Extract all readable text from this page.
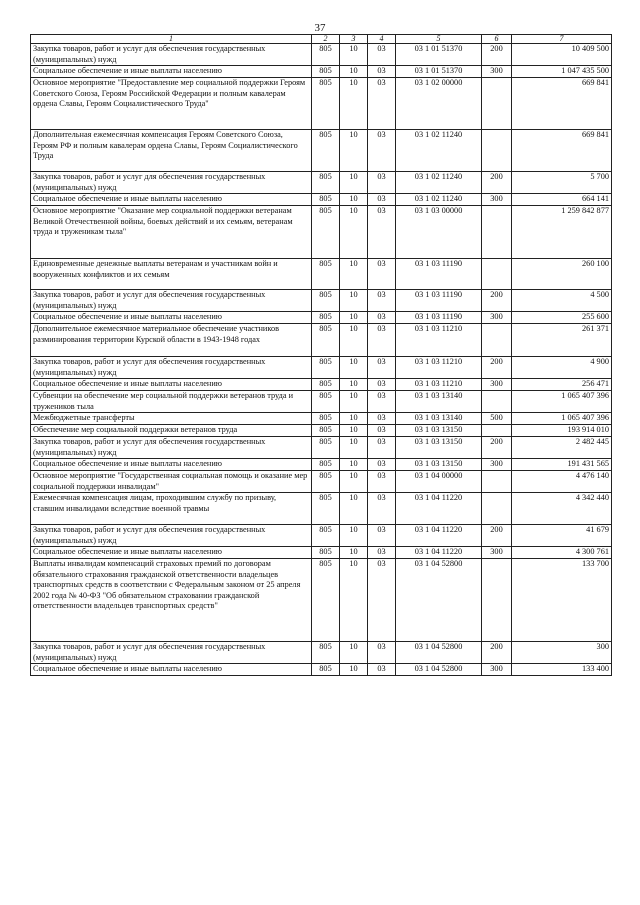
37
1	2	3	4	5	6	7
Закупка товаров, работ и услуг для обеспечения государственных (муниципальных) нужд	805	10	03	03 1 01 51370	200	10 409 500
Социальное обеспечение и иные выплаты населению	805	10	03	03 1 01 51370	300	1 047 435 500
Основное мероприятие "Предоставление мер социальной поддержки Героям Советского Союза, Героям Российской Федерации и полным кавалерам ордена Славы, Героям Социалистического Труда"	805	10	03	03 1 02 00000		669 841
Дополнительная ежемесячная компенсация Героям Советского Союза, Героям РФ и полным кавалерам ордена Славы, Героям Социалистического Труда	805	10	03	03 1 02 11240		669 841
Закупка товаров, работ и услуг для обеспечения государственных (муниципальных) нужд	805	10	03	03 1 02 11240	200	5 700
Социальное обеспечение и иные выплаты населению	805	10	03	03 1 02 11240	300	664 141
Основное мероприятие "Оказание мер социальной поддержки ветеранам Великой Отечественной войны, боевых действий и их семьям, ветеранам труда и труженикам тыла"	805	10	03	03 1 03 00000		1 259 842 877
Единовременные денежные выплаты ветеранам и участникам войн и вооруженных конфликтов и их семьям	805	10	03	03 1 03 11190		260 100
Закупка товаров, работ и услуг для обеспечения государственных (муниципальных) нужд	805	10	03	03 1 03 11190	200	4 500
Социальное обеспечение и иные выплаты населению	805	10	03	03 1 03 11190	300	255 600
Дополнительное ежемесячное материальное обеспечение участников разминирования территории Курской области в 1943-1948 годах	805	10	03	03 1 03 11210		261 371
Закупка товаров, работ и услуг для обеспечения государственных (муниципальных) нужд	805	10	03	03 1 03 11210	200	4 900
Социальное обеспечение и иные выплаты населению	805	10	03	03 1 03 11210	300	256 471
Субвенции на обеспечение мер социальной поддержки ветеранов труда и тружеников тыла	805	10	03	03 1 03 13140		1 065 407 396
Межбюджетные трансферты	805	10	03	03 1 03 13140	500	1 065 407 396
Обеспечение мер социальной поддержки ветеранов труда	805	10	03	03 1 03 13150		193 914 010
Закупка товаров, работ и услуг для обеспечения государственных (муниципальных) нужд	805	10	03	03 1 03 13150	200	2 482 445
Социальное обеспечение и иные выплаты населению	805	10	03	03 1 03 13150	300	191 431 565
Основное мероприятие "Государственная социальная помощь и оказание мер социальной поддержки инвалидам"	805	10	03	03 1 04 00000		4 476 140
Ежемесячная компенсация лицам, проходившим службу по призыву, ставшим инвалидами вследствие военной травмы	805	10	03	03 1 04 11220		4 342 440
Закупка товаров, работ и услуг для обеспечения государственных (муниципальных) нужд	805	10	03	03 1 04 11220	200	41 679
Социальное обеспечение и иные выплаты населению	805	10	03	03 1 04 11220	300	4 300 761
Выплаты инвалидам компенсаций страховых премий по договорам обязательного страхования гражданской ответственности владельцев транспортных средств в соответствии с Федеральным законом от 25 апреля 2002 года № 40-ФЗ "Об обязательном страховании гражданской ответственности владельцев транспортных средств"	805	10	03	03 1 04 52800		133 700
Закупка товаров, работ и услуг для обеспечения государственных (муниципальных) нужд	805	10	03	03 1 04 52800	200	300
Социальное обеспечение и иные выплаты населению	805	10	03	03 1 04 52800	300	133 400
